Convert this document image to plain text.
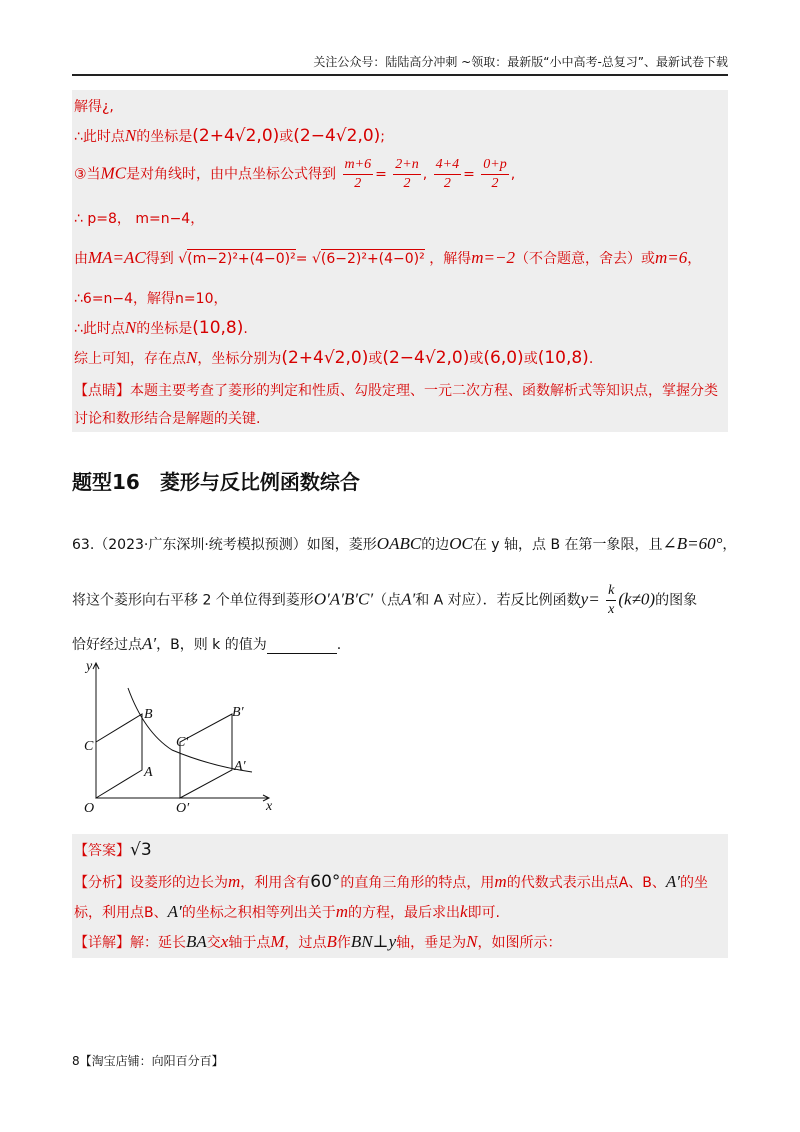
关注公众号：陆陆高分冲刺 ~领取：最新版“小中高考-总复习”、最新试卷下载
解得¿,
∴此时点N的坐标是(2+4√2,0)或(2−4√2,0);
③当MC是对角线时，由中点坐标公式得到 $\frac{m+6}{2} = \frac{2+n}{2}$ , $\frac{4+4}{2} = \frac{0+p}{2}$ ,
∴ p=8， m=n−4，
由MA=AC得到 √(m−2)²+(4−0)²= √(6−2)²+(4−0)² ，解得m=−2（不合题意，舍去）或m=6，
∴6=n−4，解得n=10，
∴此时点N的坐标是(10,8).
综上可知，存在点N，坐标分别为(2+4√2,0)或(2−4√2,0)或(6,0)或(10,8).
【点睛】本题主要考查了菱形的判定和性质、勾股定理、一元二次方程、函数解析式等知识点，掌握分类
讨论和数形结合是解题的关键.
题型16　菱形与反比例函数综合
63.（2023·广东深圳·统考模拟预测）如图，菱形OABC的边OC在 y 轴，点 B 在第一象限，且∠B=60°，
将这个菱形向右平移 2 个单位得到菱形O′A′B′C′（点A′和 A 对应）．若反比例函数$y= \frac{k}{x} (k\ne 0)$的图象
恰好经过点A′，B，则 k 的值为	.
y
x
B	B′
C	C′
A	A′
O	O′
【答案】√3
【分析】设菱形的边长为m，利用含有60°的直角三角形的特点，用m的代数式表示出点A、B、A′的坐
标，利用点B、A′的坐标之积相等列出关于m的方程，最后求出k即可.
【详解】解：延长BA交x轴于点M，过点B作BN⊥y轴，垂足为N，如图所示：
8【淘宝店铺：向阳百分百】
